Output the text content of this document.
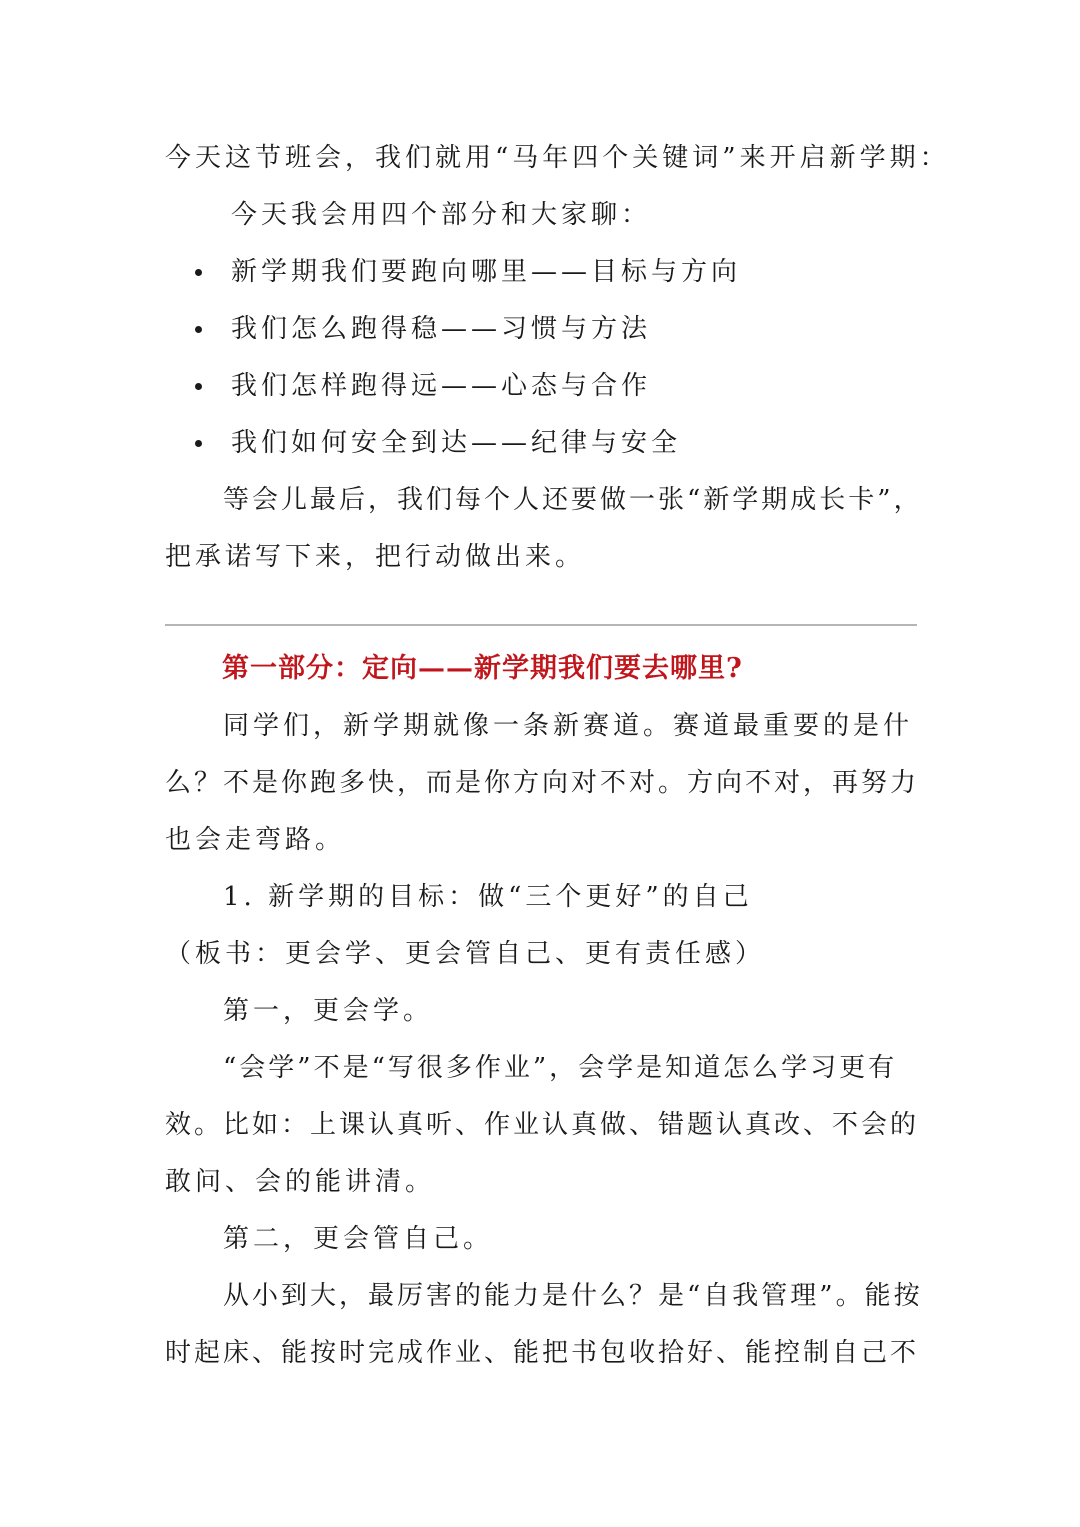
今天这节班会，我们就用“马年四个关键词”来开启新学期：

今天我会用四个部分和大家聊：

新学期我们要跑向哪里——目标与方向
我们怎么跑得稳——习惯与方法
我们怎样跑得远——心态与合作
我们如何安全到达——纪律与安全

等会儿最后，我们每个人还要做一张“新学期成长卡”，

把承诺写下来，把行动做出来。

第一部分：定向——新学期我们要去哪里?

同学们，新学期就像一条新赛道。赛道最重要的是什

么？不是你跑多快，而是你方向对不对。方向不对，再努力

也会走弯路。

1. 新学期的目标：做“三个更好”的自己

（板书：更会学、更会管自己、更有责任感）

第一，更会学。

“会学”不是“写很多作业”，会学是知道怎么学习更有

效。比如：上课认真听、作业认真做、错题认真改、不会的

敢问、会的能讲清。

第二，更会管自己。

从小到大，最厉害的能力是什么？是“自我管理”。能按

时起床、能按时完成作业、能把书包收拾好、能控制自己不
